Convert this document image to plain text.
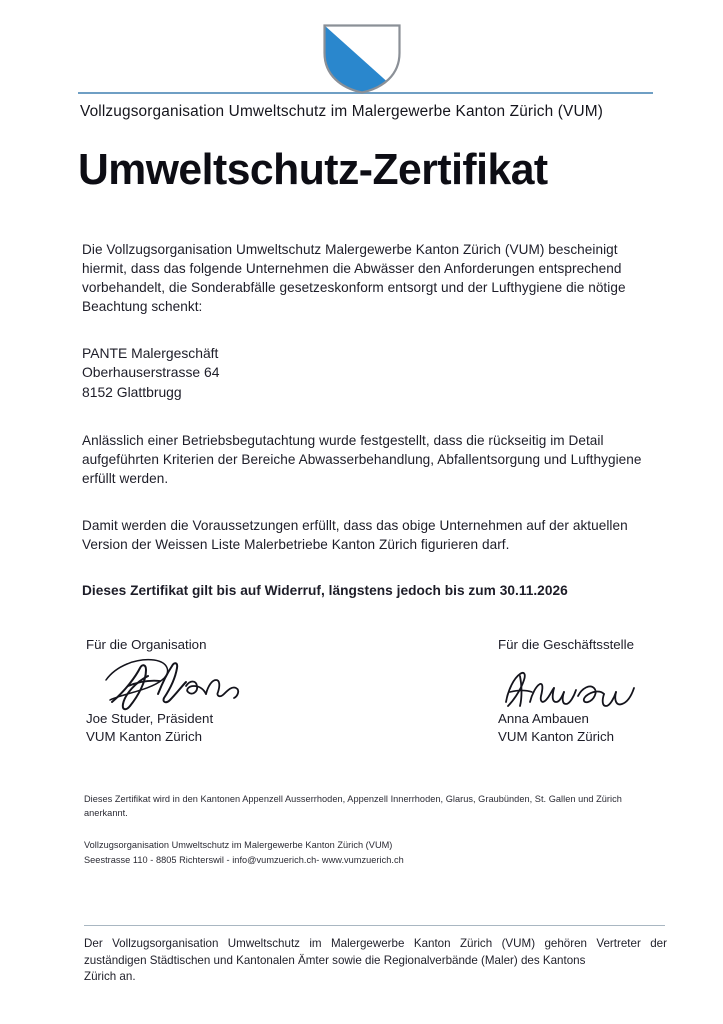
Vollzugsorganisation Umweltschutz im Malergewerbe Kanton Zürich (VUM)
Umweltschutz-Zertifikat
Die Vollzugsorganisation Umweltschutz Malergewerbe Kanton Zürich (VUM) bescheinigt hiermit, dass das folgende Unternehmen die Abwässer den Anforderungen entsprechend vorbehandelt, die Sonderabfälle gesetzeskonform entsorgt und der Lufthygiene die nötige Beachtung schenkt:
PANTE Malergeschäft
Oberhauserstrasse 64
8152 Glattbrugg
Anlässlich einer Betriebsbegutachtung wurde festgestellt, dass die rückseitig im Detail aufgeführten Kriterien der Bereiche Abwasserbehandlung, Abfallentsorgung und Lufthygiene erfüllt werden.
Damit werden die Voraussetzungen erfüllt, dass das obige Unternehmen auf der aktuellen Version der Weissen Liste Malerbetriebe Kanton Zürich figurieren darf.
Dieses Zertifikat gilt bis auf Widerruf, längstens jedoch bis zum 30.11.2026
Für die Organisation
Joe Studer, Präsident
VUM Kanton Zürich
Für die Geschäftsstelle
Anna Ambauen
VUM Kanton Zürich

Dieses Zertifikat wird in den Kantonen Appenzell Ausserrhoden, Appenzell Innerrhoden, Glarus, Graubünden, St. Gallen und Zürich anerkannt.

Vollzugsorganisation Umweltschutz im Malergewerbe Kanton Zürich (VUM)
Seestrasse 110 - 8805 Richterswil - info@vumzuerich.ch- www.vumzuerich.ch
Der Vollzugsorganisation Umweltschutz im Malergewerbe Kanton Zürich (VUM) gehören Vertreter der zuständigen Städtischen und Kantonalen Ämter sowie die Regionalverbände (Maler) des Kantons
Zürich an.
